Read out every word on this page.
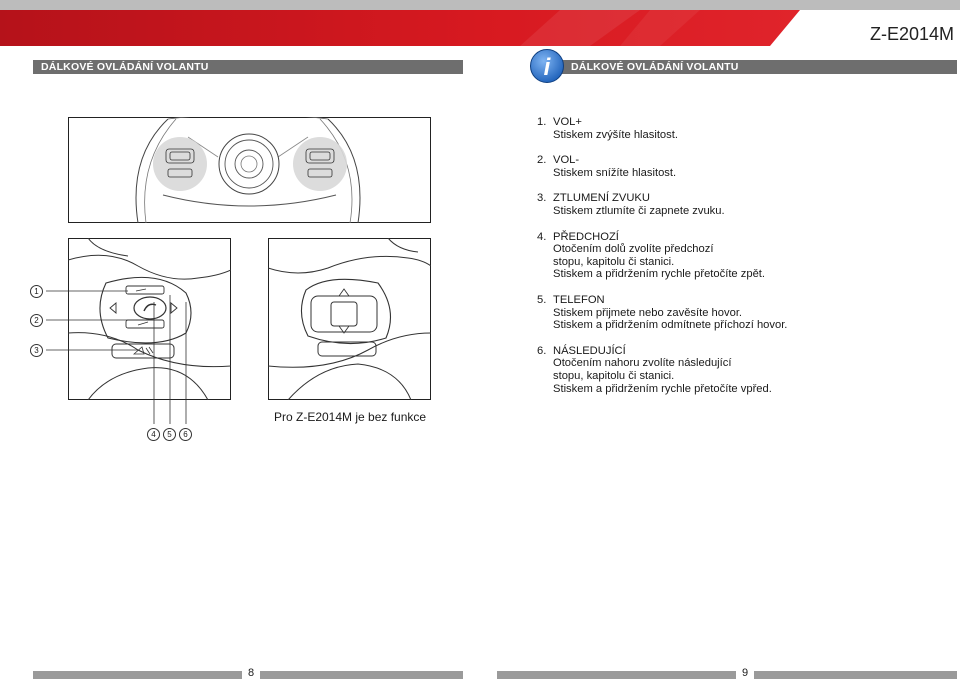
Z-E2014M
DÁLKOVÉ OVLÁDÁNÍ VOLANTU	DÁLKOVÉ OVLÁDÁNÍ VOLANTU
i
1
2
3
4	5	6
Pro Z-E2014M je bez funkce
1. VOL+
Stiskem zvýšíte hlasitost.
2. VOL-
Stiskem snížíte hlasitost.
3. ZTLUMENÍ ZVUKU
Stiskem ztlumíte či zapnete zvuku.
4. PŘEDCHOZÍ
Otočením dolů zvolíte předchozí
stopu, kapitolu či stanici.
Stiskem a přidržením rychle přetočíte zpět.
5. TELEFON
Stiskem přijmete nebo zavěsíte hovor.
Stiskem a přidržením odmítnete příchozí hovor.
6. NÁSLEDUJÍCÍ
Otočením nahoru zvolíte následující
stopu, kapitolu či stanici.
Stiskem a přidržením rychle přetočíte vpřed.
8	9
